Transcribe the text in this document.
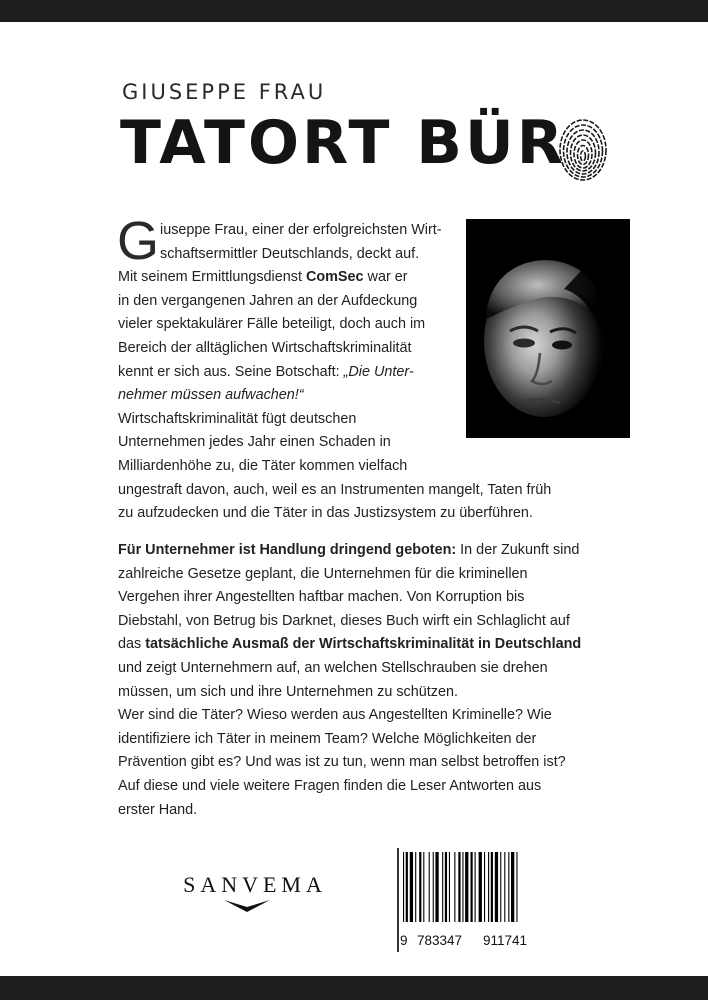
GIUSEPPE FRAU
TATORT BÜR

Giuseppe Frau, einer der erfolgreichsten Wirt-

schaftsermittler Deutschlands, deckt auf.

Mit seinem Ermittlungsdienst ComSec war er

in den vergangenen Jahren an der Aufdeckung

vieler spektakulärer Fälle beteiligt, doch auch im

Bereich der alltäglichen Wirtschaftskriminalität

kennt er sich aus. Seine Botschaft: „Die Unter-

nehmer müssen aufwachen!“

Wirtschaftskriminalität fügt deutschen

Unternehmen jedes Jahr einen Schaden in

Milliardenhöhe zu, die Täter kommen vielfach

ungestraft davon, auch, weil es an Instrumenten mangelt, Taten früh

zu aufzudecken und die Täter in das Justizsystem zu überführen.

Für Unternehmer ist Handlung dringend geboten: In der Zukunft sind

zahlreiche Gesetze geplant, die Unternehmen für die kriminellen

Vergehen ihrer Angestellten haftbar machen. Von Korruption bis

Diebstahl, von Betrug bis Darknet, dieses Buch wirft ein Schlaglicht auf

das tatsächliche Ausmaß der Wirtschaftskriminalität in Deutschland

und zeigt Unternehmern auf, an welchen Stellschrauben sie drehen

müssen, um sich und ihre Unternehmen zu schützen.

Wer sind die Täter? Wieso werden aus Angestellten Kriminelle? Wie

identifiziere ich Täter in meinem Team? Welche Möglichkeiten der

Prävention gibt es? Und was ist zu tun, wenn man selbst betroffen ist?

Auf diese und viele weitere Fragen finden die Leser Antworten aus

erster Hand.

SANVEMA
9 783347 911741
